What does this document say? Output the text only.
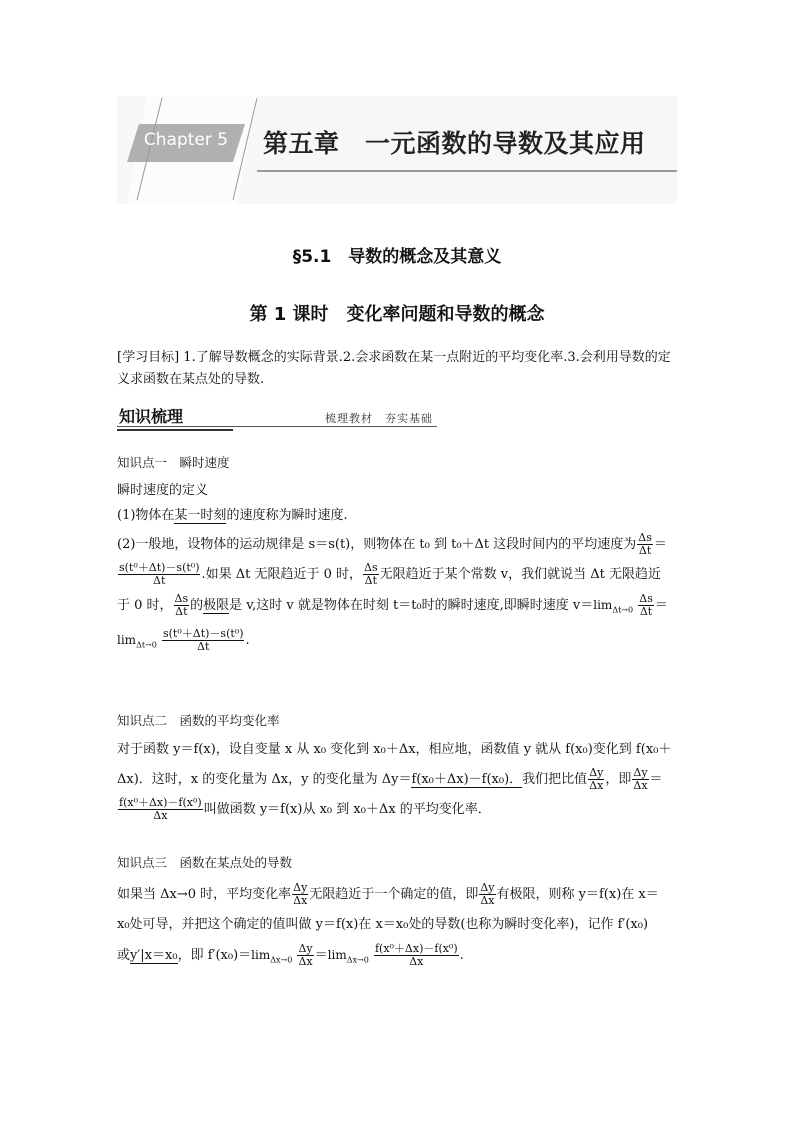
Chapter 5	第五章　一元函数的导数及其应用
§5.1　导数的概念及其意义
第 1 课时　变化率问题和导数的概念
[学习目标] 1.了解导数概念的实际背景.2.会求函数在某一点附近的平均变化率.3.会利用导数的定义求函数在某点处的导数.
知识梳理	梳理教材　夯实基础
知识点一　瞬时速度
瞬时速度的定义
(1)物体在某一时刻的速度称为瞬时速度.
(2)一般地，设物体的运动规律是 s＝s(t)，则物体在 t₀ 到 t₀＋Δt 这段时间内的平均速度为 $\frac{\Delta s}{\Delta t}$ ＝

$\frac{\text{s(t⁰＋Δt)－s(t⁰)}}{\Delta t}$ .如果 Δt 无限趋近于 0 时， $\frac{\Delta s}{\Delta t}$ 无限趋近于某个常数 v，我们就说当 Δt 无限趋近
于 0 时， $\frac{\Delta s}{\Delta t}$ 的极限是 v,这时 v 就是物体在时刻 t＝t₀时的瞬时速度,即瞬时速度 $v=\lim_{\Delta t\to 0} \frac{\Delta s}{\Delta t}$ ＝
$\lim_{\Delta t\to 0} \frac{\text{s(t⁰＋Δt)－s(t⁰)}}{\Delta t}$ .
知识点二　函数的平均变化率
对于函数 y＝f(x)，设自变量 x 从 x₀ 变化到 x₀＋Δx，相应地，函数值 y 就从 f(x₀)变化到 f(x₀＋
Δx)．这时，x 的变化量为 Δx，y 的变化量为 Δy＝f(x₀＋Δx)－f(x₀)．我们把比值 $\frac{\Delta y}{\Delta x}$ ，即 $\frac{\Delta y}{\Delta x}$ ＝

$\frac{\text{f(x⁰＋Δx)－f(x⁰)}}{\Delta x}$ 叫做函数 y＝f(x)从 x₀ 到 x₀＋Δx 的平均变化率．
知识点三　函数在某点处的导数
如果当 Δx→0 时，平均变化率 $\frac{\Delta y}{\Delta x}$ 无限趋近于一个确定的值，即 $\frac{\Delta y}{\Delta x}$ 有极限，则称 y＝f(x)在 x＝
x₀处可导，并把这个确定的值叫做 y＝f(x)在 x＝x₀处的导数(也称为瞬时变化率)，记作 f′(x₀)
或y′|x＝x₀，即 $f'(x_0)=\lim_{\Delta x\to 0} \frac{\Delta y}{\Delta x} =\lim_{\Delta x\to 0} \frac{\text{f(x⁰＋Δx)－f(x⁰)}}{\Delta x}$ .
